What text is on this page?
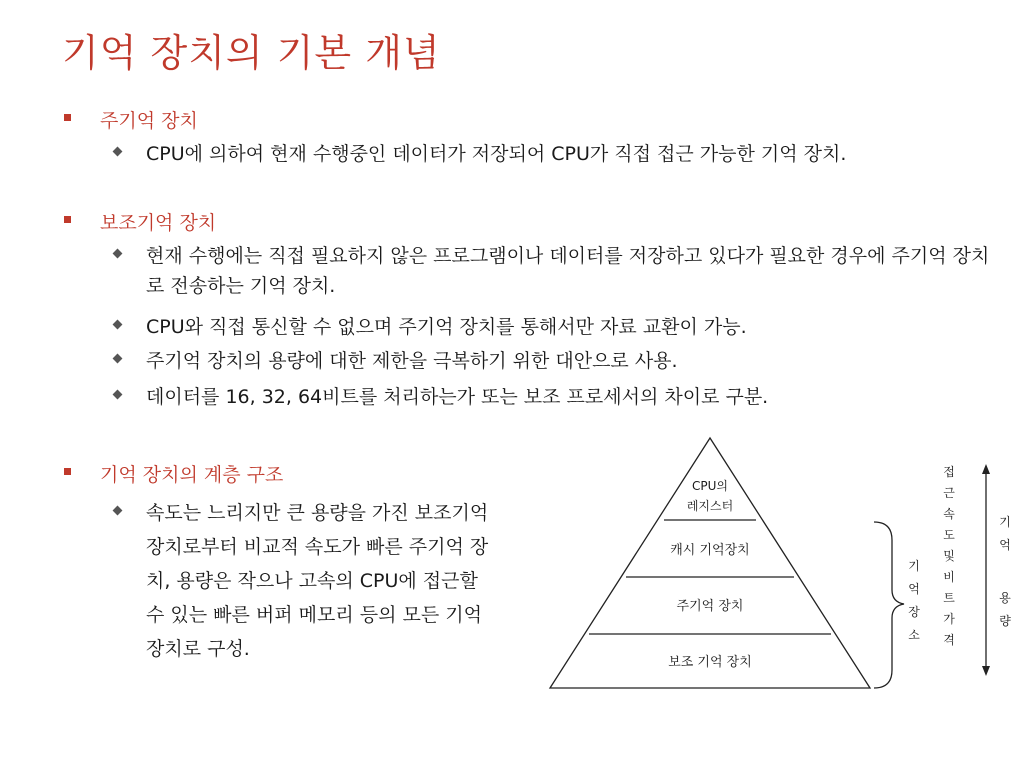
기억 장치의 기본 개념
주기억 장치
CPU에 의하여 현재 수행중인 데이터가 저장되어 CPU가 직접 접근 가능한 기억 장치.
보조기억 장치
현재 수행에는 직접 필요하지 않은 프로그램이나 데이터를 저장하고 있다가 필요한 경우에 주기억 장치로 전송하는 기억 장치.
CPU와 직접 통신할 수 없으며 주기억 장치를 통해서만 자료 교환이 가능.
주기억 장치의 용량에 대한 제한을 극복하기 위한 대안으로 사용.
데이터를 16, 32, 64비트를 처리하는가 또는 보조 프로세서의 차이로 구분.
기억 장치의 계층 구조
속도는 느리지만 큰 용량을 가진 보조기억 장치로부터 비교적 속도가 빠른 주기억 장치, 용량은 작으나 고속의 CPU에 접근할 수 있는 빠른 버퍼 메모리 등의 모든 기억 장치로 구성.
CPU의
레지스터
캐시 기억장치
주기억 장치
보조 기억 장치
기 억 장 소
접 근 속 도 및 비 트 가 격
기 억 용 량
